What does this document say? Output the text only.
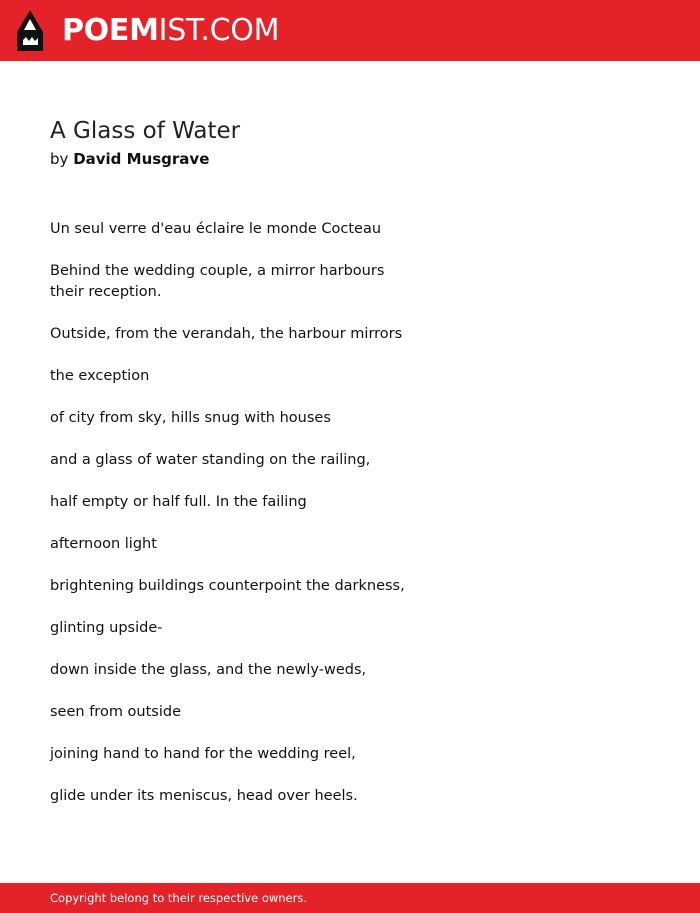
POEMIST.COM
A Glass of Water
by David Musgrave

Un seul verre d'eau éclaire le monde Cocteau

Behind the wedding couple, a mirror harbours
their reception.

Outside, from the verandah, the harbour mirrors

the exception

of city from sky, hills snug with houses

and a glass of water standing on the railing,

half empty or half full. In the failing

afternoon light

brightening buildings counterpoint the darkness,

glinting upside-

down inside the glass, and the newly-weds,

seen from outside

joining hand to hand for the wedding reel,

glide under its meniscus, head over heels.

Copyright belong to their respective owners.
